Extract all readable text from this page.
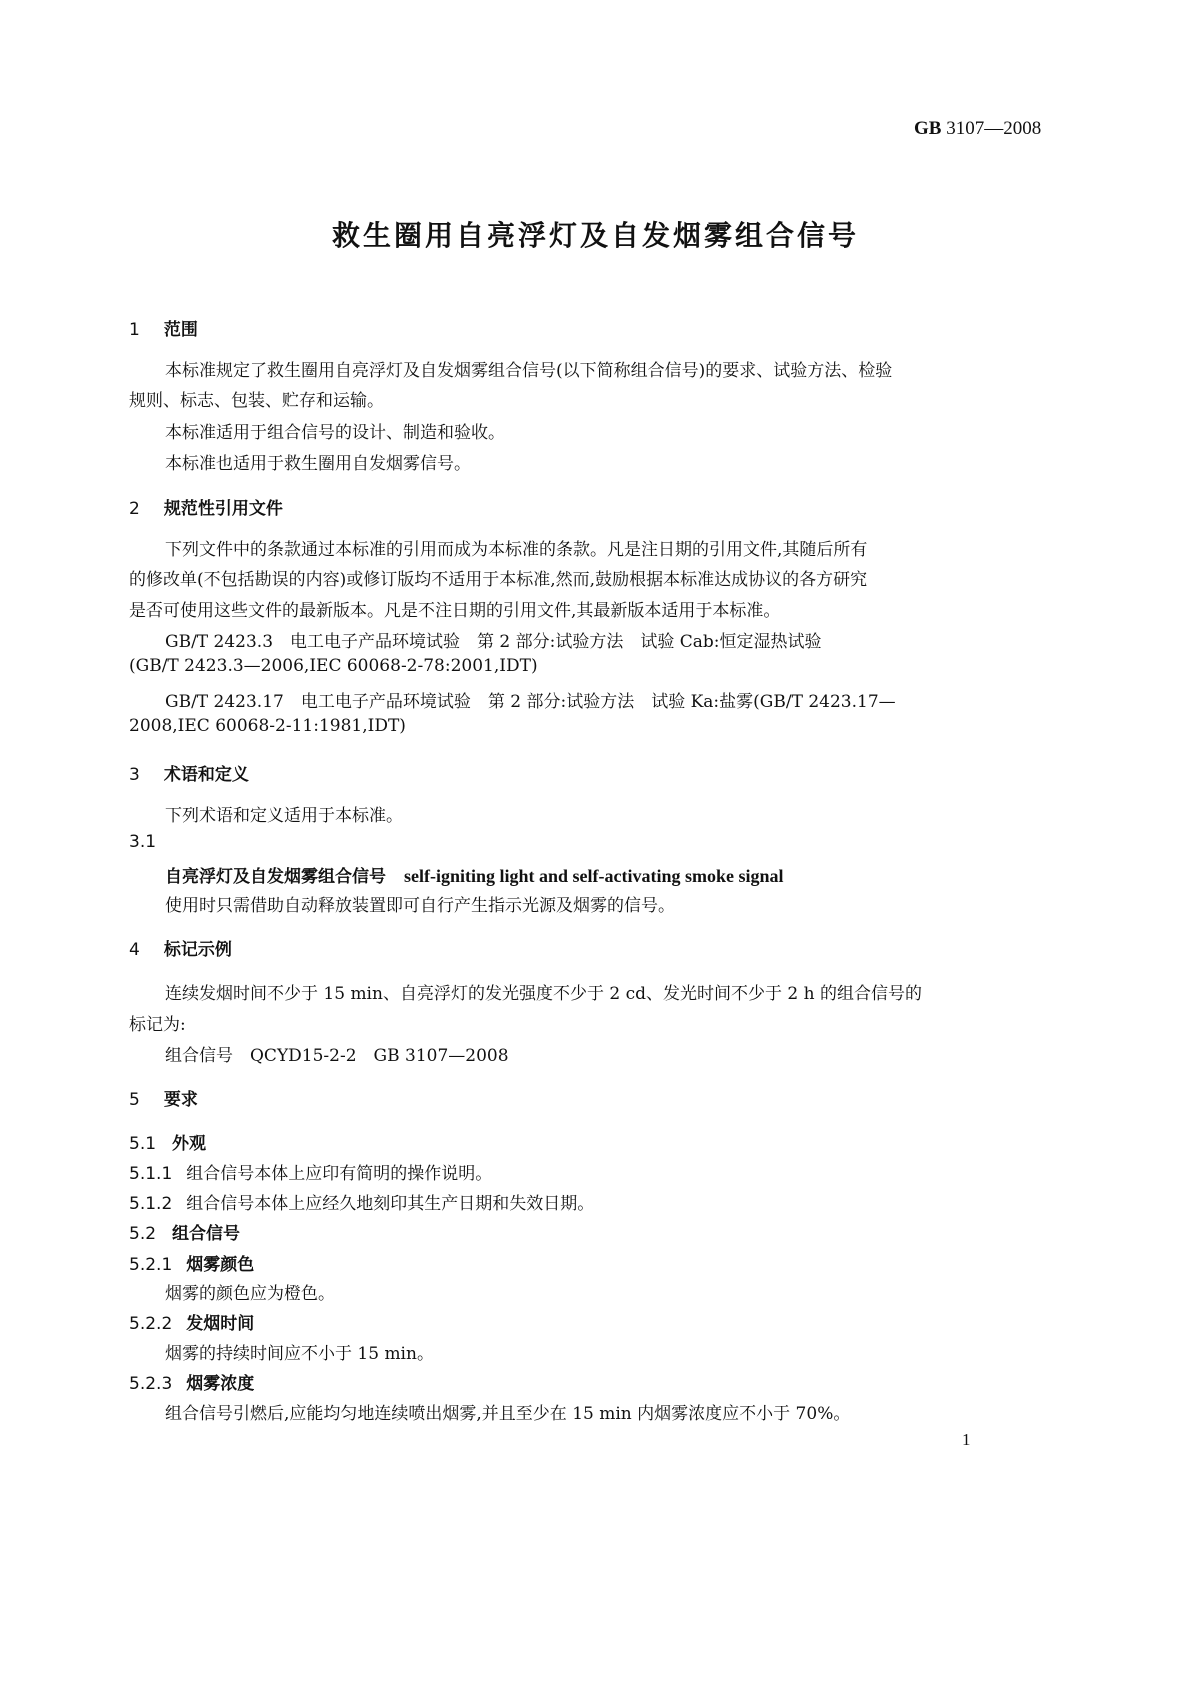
GB 3107—2008
救生圈用自亮浮灯及自发烟雾组合信号
1 范围
本标准规定了救生圈用自亮浮灯及自发烟雾组合信号(以下简称组合信号)的要求、试验方法、检验
规则、标志、包装、贮存和运输。
本标准适用于组合信号的设计、制造和验收。
本标准也适用于救生圈用自发烟雾信号。
2 规范性引用文件
下列文件中的条款通过本标准的引用而成为本标准的条款。凡是注日期的引用文件,其随后所有
的修改单(不包括勘误的内容)或修订版均不适用于本标准,然而,鼓励根据本标准达成协议的各方研究
是否可使用这些文件的最新版本。凡是不注日期的引用文件,其最新版本适用于本标准。
GB/T 2423.3　电工电子产品环境试验　第 2 部分:试验方法　试验 Cab:恒定湿热试验
(GB/T 2423.3—2006,IEC 60068-2-78:2001,IDT)
GB/T 2423.17　电工电子产品环境试验　第 2 部分:试验方法　试验 Ka:盐雾(GB/T 2423.17—
2008,IEC 60068-2-11:1981,IDT)
3 术语和定义
下列术语和定义适用于本标准。
3.1
自亮浮灯及自发烟雾组合信号 self-igniting light and self-activating smoke signal
使用时只需借助自动释放装置即可自行产生指示光源及烟雾的信号。
4 标记示例
连续发烟时间不少于 15 min、自亮浮灯的发光强度不少于 2 cd、发光时间不少于 2 h 的组合信号的
标记为:
组合信号　QCYD15-2-2　GB 3107—2008
5 要求
5.1 外观
5.1.1 组合信号本体上应印有简明的操作说明。
5.1.2 组合信号本体上应经久地刻印其生产日期和失效日期。
5.2 组合信号
5.2.1 烟雾颜色
烟雾的颜色应为橙色。
5.2.2 发烟时间
烟雾的持续时间应不小于 15 min。
5.2.3 烟雾浓度
组合信号引燃后,应能均匀地连续喷出烟雾,并且至少在 15 min 内烟雾浓度应不小于 70%。
1
